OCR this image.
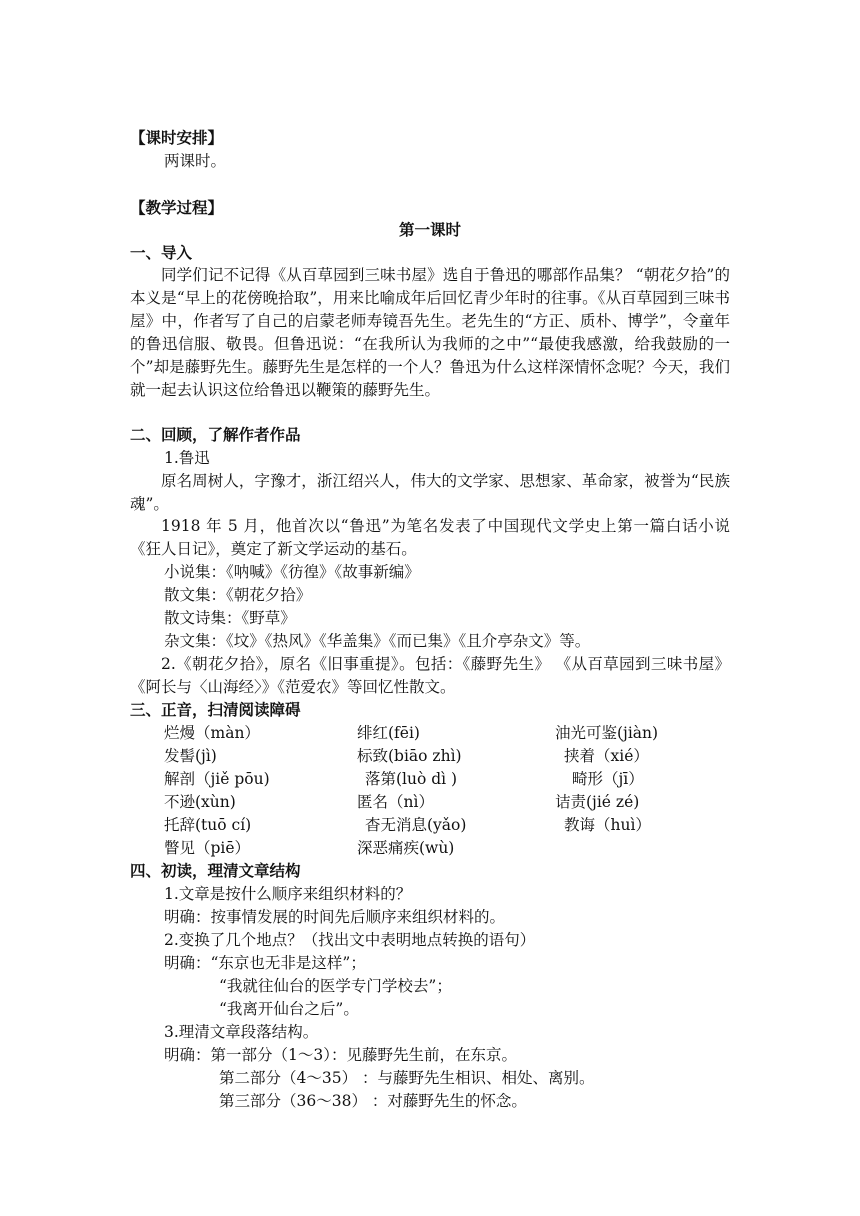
【课时安排】
两课时。
【教学过程】
第一课时
一、导入
同学们记不记得《从百草园到三味书屋》选自于鲁迅的哪部作品集？ “朝花夕拾”的本义是“早上的花傍晚拾取”，用来比喻成年后回忆青少年时的往事。《从百草园到三味书屋》中，作者写了自己的启蒙老师寿镜吾先生。老先生的“方正、质朴、博学”，令童年的鲁迅信服、敬畏。但鲁迅说：“在我所认为我师的之中”“最使我感激，给我鼓励的一个”却是藤野先生。藤野先生是怎样的一个人？鲁迅为什么这样深情怀念呢？今天，我们就一起去认识这位给鲁迅以鞭策的藤野先生。
二、回顾，了解作者作品
1.鲁迅
原名周树人，字豫才，浙江绍兴人，伟大的文学家、思想家、革命家，被誉为“民族魂”。
1918 年 5 月，他首次以“鲁迅”为笔名发表了中国现代文学史上第一篇白话小说《狂人日记》，奠定了新文学运动的基石。
小说集：《呐喊》《彷徨》《故事新编》
散文集：《朝花夕拾》
散文诗集：《野草》
杂文集：《坟》《热风》《华盖集》《而已集》《且介亭杂文》等。
2.《朝花夕拾》，原名《旧事重提》。包括：《藤野先生》 《从百草园到三味书屋》 《阿长与〈山海经〉》《范爱农》等回忆性散文。
三、正音，扫清阅读障碍
烂熳（màn）	绯红(fēi)	油光可鉴(jiàn)
发髻(jì)	标致(biāo zhì)	挟着（xié）
解剖（jiě pōu)	落第(luò dì )	畸形（jī）
不逊(xùn)	匿名（nì）	诘责(jié zé)
托辞(tuō cí)	杳无消息(yǎo)	教诲（huì）
瞥见（piē）	深恶痛疾(wù)
四、初读，理清文章结构
1.文章是按什么顺序来组织材料的？
明确：按事情发展的时间先后顺序来组织材料的。
2.变换了几个地点？（找出文中表明地点转换的语句）
明确：“东京也无非是这样”；
“我就往仙台的医学专门学校去”；
“我离开仙台之后”。
3.理清文章段落结构。
明确：第一部分（1～3）：见藤野先生前，在东京。
第二部分（4～35） ：与藤野先生相识、相处、离别。
第三部分（36～38） ：对藤野先生的怀念。
